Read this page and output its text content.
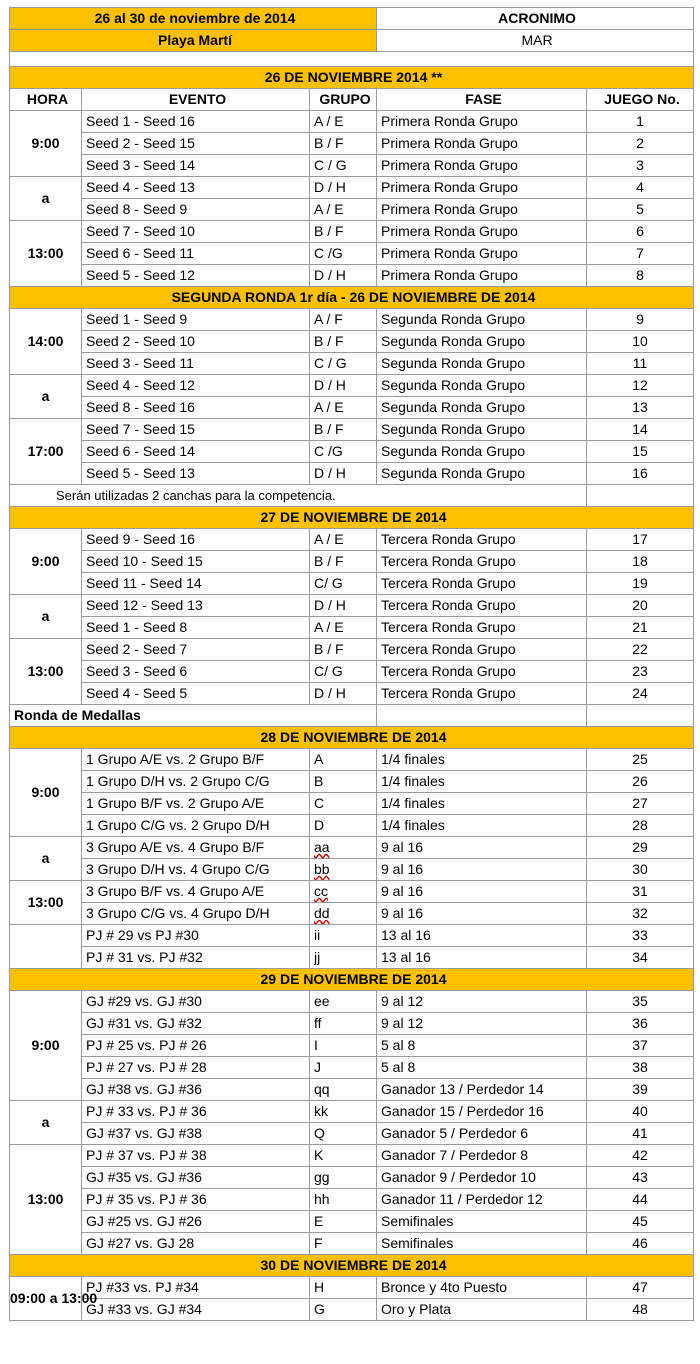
26 al 30 de noviembre de 2014			ACRONIMO	
Playa Martí			MAR	

26 DE NOVIEMBRE 2014 **				
HORA	EVENTO	GRUPO	FASE	JUEGO No.
9:00	Seed 1 - Seed 16	A / E	Primera Ronda Grupo	1
	Seed 2 - Seed 15	B / F	Primera Ronda Grupo	2
	Seed 3 - Seed 14	C / G	Primera Ronda Grupo	3
a	Seed 4 - Seed 13	D / H	Primera Ronda Grupo	4
	Seed 8 - Seed 9	A / E	Primera Ronda Grupo	5
13:00	Seed 7 - Seed 10	B / F	Primera Ronda Grupo	6
	Seed 6 - Seed 11	C /G	Primera Ronda Grupo	7
	Seed 5 - Seed 12	D / H	Primera Ronda Grupo	8
SEGUNDA RONDA 1r día - 26 DE NOVIEMBRE DE 2014				
14:00	Seed 1 - Seed 9	A / F	Segunda Ronda Grupo	9
	Seed 2 - Seed 10	B / F	Segunda Ronda Grupo	10
	Seed 3 - Seed 11	C / G	Segunda Ronda Grupo	11
a	Seed 4 - Seed 12	D / H	Segunda Ronda Grupo	12
	Seed 8 - Seed 16	A / E	Segunda Ronda Grupo	13
17:00	Seed 7 - Seed 15	B / F	Segunda Ronda Grupo	14
	Seed 6 - Seed 14	C /G	Segunda Ronda Grupo	15
	Seed 5 - Seed 13	D / H	Segunda Ronda Grupo	16
Serán utilizadas 2 canchas para la competencia.				
27 DE NOVIEMBRE DE 2014				
9:00	Seed 9 - Seed 16	A / E	Tercera Ronda Grupo	17
	Seed 10 - Seed 15	B / F	Tercera Ronda Grupo	18
	Seed 11 - Seed 14	C/ G	Tercera Ronda Grupo	19
a	Seed 12 - Seed 13	D / H	Tercera Ronda Grupo	20
	Seed 1 - Seed 8	A / E	Tercera Ronda Grupo	21
13:00	Seed 2 - Seed 7	B / F	Tercera Ronda Grupo	22
	Seed 3 - Seed 6	C/ G	Tercera Ronda Grupo	23
	Seed 4 - Seed 5	D / H	Tercera Ronda Grupo	24
Ronda de Medallas				
28 DE NOVIEMBRE DE 2014				
9:00	1 Grupo A/E vs. 2 Grupo B/F	A	1/4 finales	25
	1 Grupo D/H vs. 2 Grupo C/G	B	1/4 finales	26
	1 Grupo B/F vs. 2 Grupo A/E	C	1/4 finales	27
	1 Grupo C/G vs. 2 Grupo D/H	D	1/4 finales	28
a	3 Grupo A/E vs. 4 Grupo B/F	aa	9 al 16	29
	3 Grupo D/H vs. 4 Grupo C/G	bb	9 al 16	30
13:00	3 Grupo B/F vs. 4 Grupo A/E	cc	9 al 16	31
	3 Grupo C/G vs. 4 Grupo D/H	dd	9 al 16	32
	PJ # 29 vs PJ #30	ii	13 al 16	33
	PJ # 31 vs. PJ #32	jj	13 al 16	34
29 DE NOVIEMBRE DE 2014				
9:00	GJ #29 vs. GJ #30	ee	9 al 12	35
	GJ #31 vs. GJ #32	ff	9 al 12	36
	PJ # 25 vs. PJ # 26	I	5 al 8	37
	PJ # 27 vs. PJ # 28	J	5 al 8	38
	GJ #38 vs. GJ #36	qq	Ganador 13 / Perdedor 14	39
a	PJ # 33 vs. PJ # 36	kk	Ganador 15 / Perdedor 16	40
	GJ #37 vs. GJ #38	Q	Ganador 5 / Perdedor 6	41
13:00	PJ # 37 vs. PJ # 38	K	Ganador 7 / Perdedor 8	42
	GJ #35 vs. GJ #36	gg	Ganador 9 / Perdedor 10	43
	PJ # 35 vs. PJ # 36	hh	Ganador 11 / Perdedor 12	44
	GJ #25 vs. GJ #26	E	Semifinales	45
	GJ #27 vs. GJ 28	F	Semifinales	46
30 DE NOVIEMBRE DE 2014				
09:00 a 13:00	PJ #33 vs. PJ #34	H	Bronce y 4to Puesto	47
	GJ #33 vs. GJ #34	G	Oro y Plata	48
